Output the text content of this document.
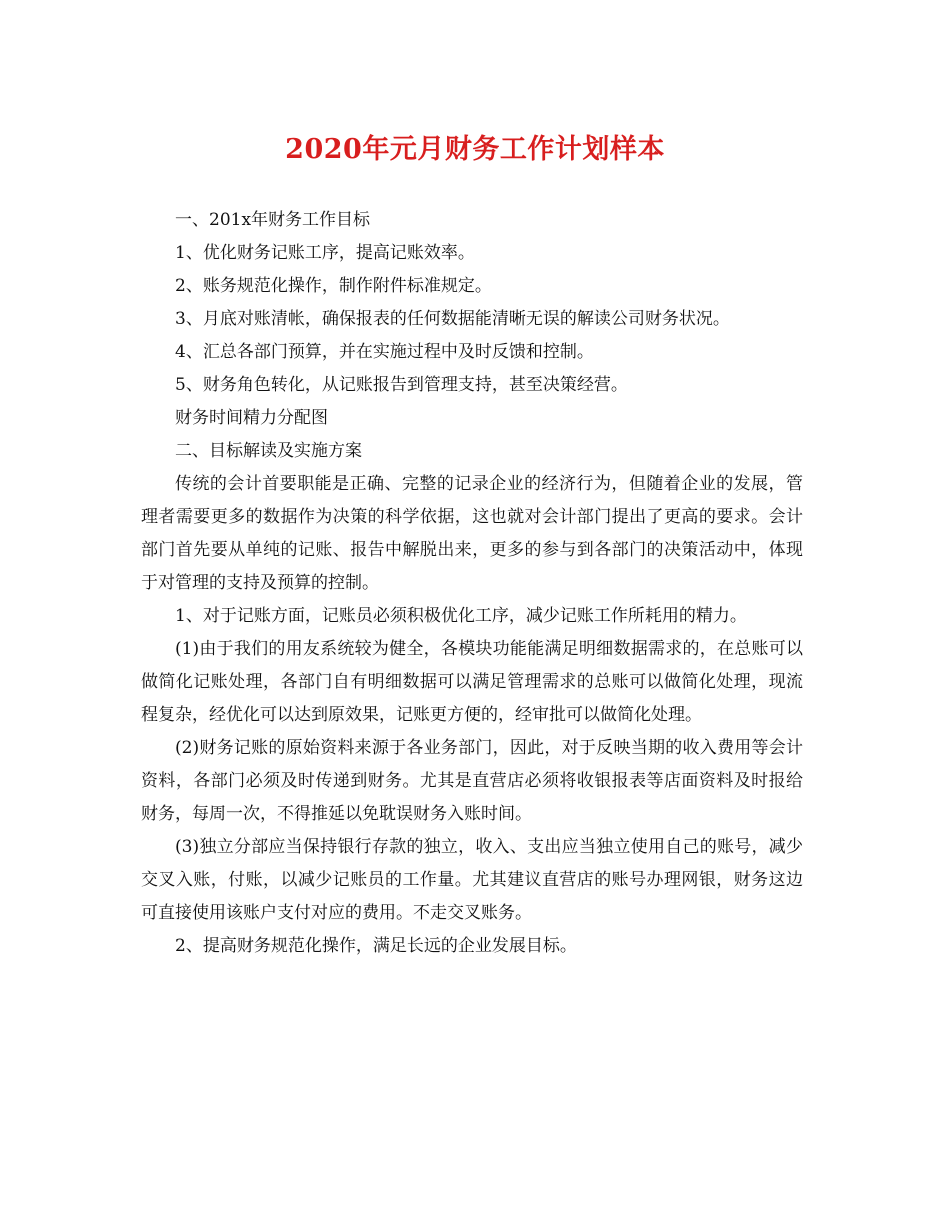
2020年元月财务工作计划样本

一、201x年财务工作目标

1、优化财务记账工序，提高记账效率。

2、账务规范化操作，制作附件标准规定。

3、月底对账清帐，确保报表的任何数据能清晰无误的解读公司财务状况。

4、汇总各部门预算，并在实施过程中及时反馈和控制。

5、财务角色转化，从记账报告到管理支持，甚至决策经营。

财务时间精力分配图

二、目标解读及实施方案

传统的会计首要职能是正确、完整的记录企业的经济行为，但随着企业的发展，管理者需要更多的数据作为决策的科学依据，这也就对会计部门提出了更高的要求。会计部门首先要从单纯的记账、报告中解脱出来，更多的参与到各部门的决策活动中，体现于对管理的支持及预算的控制。

1、对于记账方面，记账员必须积极优化工序，减少记账工作所耗用的精力。

(1)由于我们的用友系统较为健全，各模块功能能满足明细数据需求的，在总账可以做简化记账处理，各部门自有明细数据可以满足管理需求的总账可以做简化处理，现流程复杂，经优化可以达到原效果，记账更方便的，经审批可以做简化处理。

(2)财务记账的原始资料来源于各业务部门，因此，对于反映当期的收入费用等会计资料，各部门必须及时传递到财务。尤其是直营店必须将收银报表等店面资料及时报给财务，每周一次，不得推延以免耽误财务入账时间。

(3)独立分部应当保持银行存款的独立，收入、支出应当独立使用自己的账号，减少交叉入账，付账，以减少记账员的工作量。尤其建议直营店的账号办理网银，财务这边可直接使用该账户支付对应的费用。不走交叉账务。

2、提高财务规范化操作，满足长远的企业发展目标。
